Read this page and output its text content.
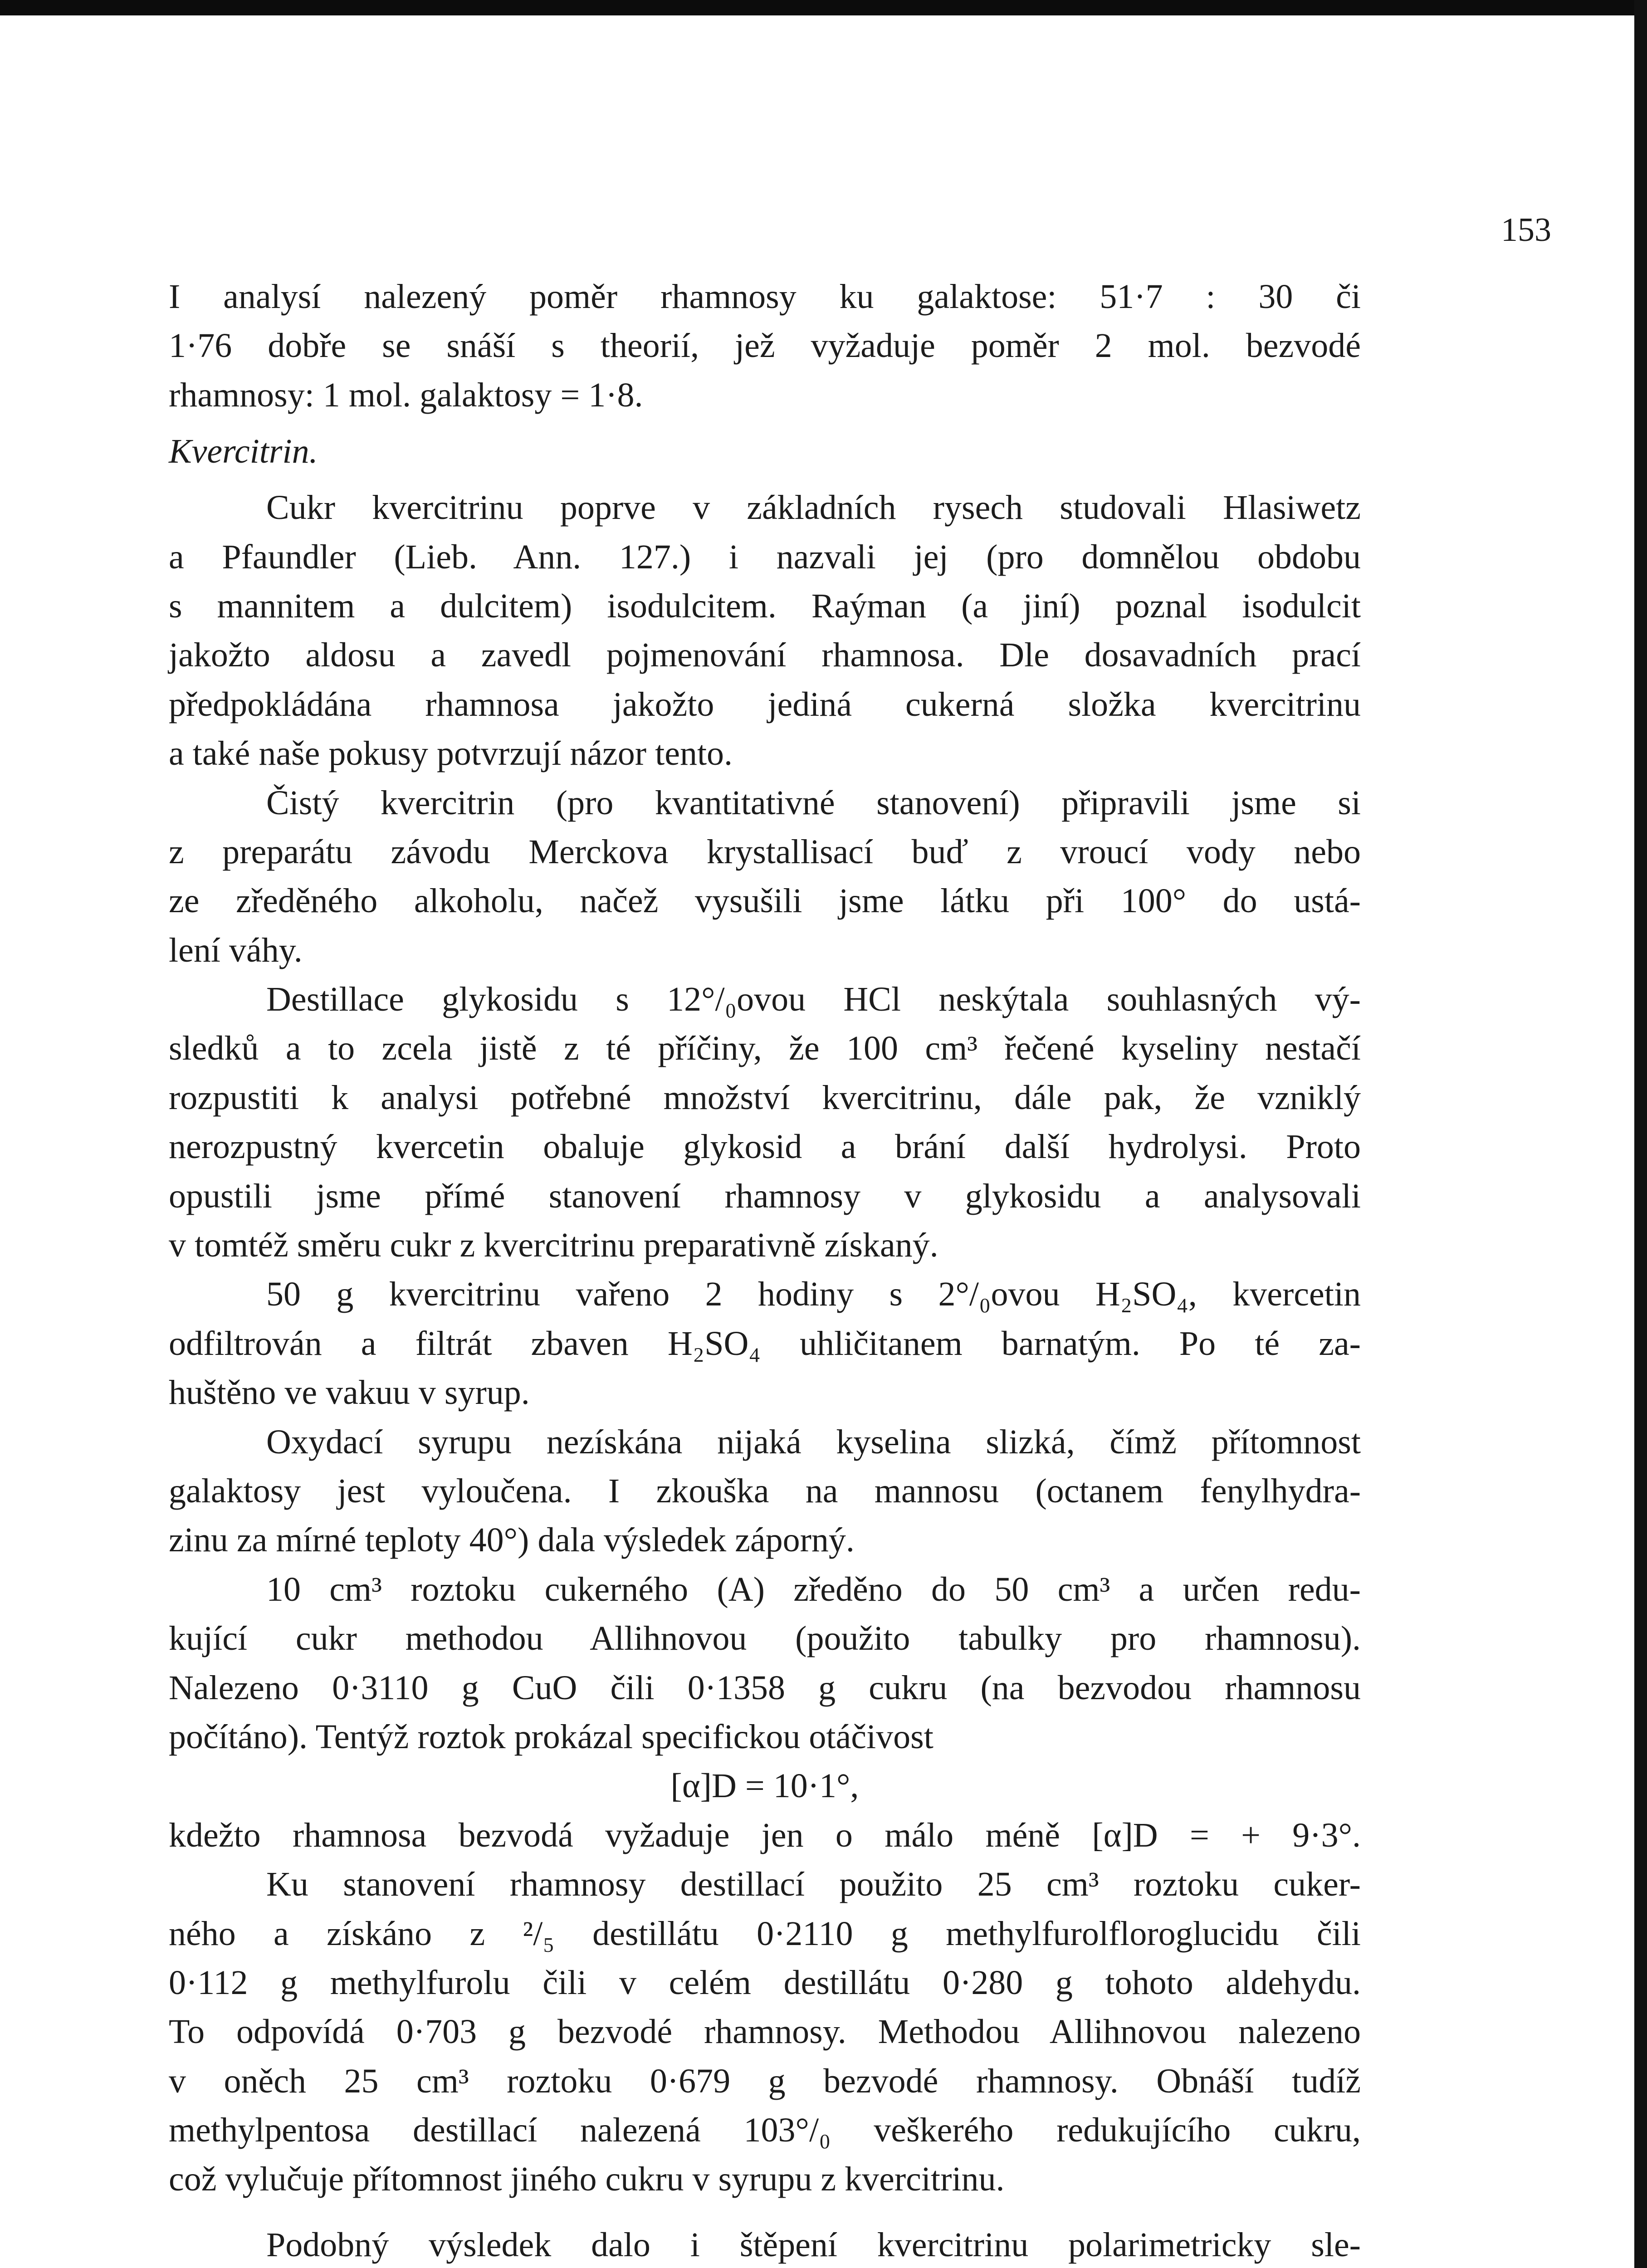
153
I analysí nalezený poměr rhamnosy ku galaktose: 51·7 : 30 či
1·76 dobře se snáší s theorií, jež vyžaduje poměr 2 mol. bezvodé
rhamnosy: 1 mol. galaktosy = 1·8.
Kvercitrin.
Cukr kvercitrinu poprve v základních rysech studovali Hlasiwetz
a Pfaundler (Lieb. Ann. 127.) i nazvali jej (pro domnělou obdobu
s mannitem a dulcitem) isodulcitem. Raýman (a jiní) poznal isodulcit
jakožto aldosu a zavedl pojmenování rhamnosa. Dle dosavadních prací
předpokládána rhamnosa jakožto jediná cukerná složka kvercitrinu
a také naše pokusy potvrzují názor tento.
Čistý kvercitrin (pro kvantitativné stanovení) připravili jsme si
z preparátu závodu Merckova krystallisací buď z vroucí vody nebo
ze zředěného alkoholu, načež vysušili jsme látku při 100° do ustá-
lení váhy.
Destillace glykosidu s 12°/₀ovou HCl neskýtala souhlasných vý-
sledků a to zcela jistě z té příčiny, že 100 cm³ řečené kyseliny nestačí
rozpustiti k analysi potřebné množství kvercitrinu, dále pak, že vzniklý
nerozpustný kvercetin obaluje glykosid a brání další hydrolysi. Proto
opustili jsme přímé stanovení rhamnosy v glykosidu a analysovali
v tomtéž směru cukr z kvercitrinu preparativně získaný.
50 g kvercitrinu vařeno 2 hodiny s 2°/₀ovou H₂SO₄, kvercetin
odfiltrován a filtrát zbaven H₂SO₄ uhličitanem barnatým. Po té za-
huštěno ve vakuu v syrup.
Oxydací syrupu nezískána nijaká kyselina slizká, čímž přítomnost
galaktosy jest vyloučena. I zkouška na mannosu (octanem fenylhydra-
zinu za mírné teploty 40°) dala výsledek záporný.
10 cm³ roztoku cukerného (A) zředěno do 50 cm³ a určen redu-
kující cukr methodou Allihnovou (použito tabulky pro rhamnosu).
Nalezeno 0·3110 g CuO čili 0·1358 g cukru (na bezvodou rhamnosu
počítáno). Tentýž roztok prokázal specifickou otáčivost
[α]D = 10·1°,
kdežto rhamnosa bezvodá vyžaduje jen o málo méně [α]D = + 9·3°.
Ku stanovení rhamnosy destillací použito 25 cm³ roztoku cuker-
ného a získáno z ²/₅ destillátu 0·2110 g methylfurolfloroglucidu čili
0·112 g methylfurolu čili v celém destillátu 0·280 g tohoto aldehydu.
To odpovídá 0·703 g bezvodé rhamnosy. Methodou Allihnovou nalezeno
v oněch 25 cm³ roztoku 0·679 g bezvodé rhamnosy. Obnáší tudíž
methylpentosa destillací nalezená 103°/₀ veškerého redukujícího cukru,
což vylučuje přítomnost jiného cukru v syrupu z kvercitrinu.
Podobný výsledek dalo i štěpení kvercitrinu polarimetricky sle-
